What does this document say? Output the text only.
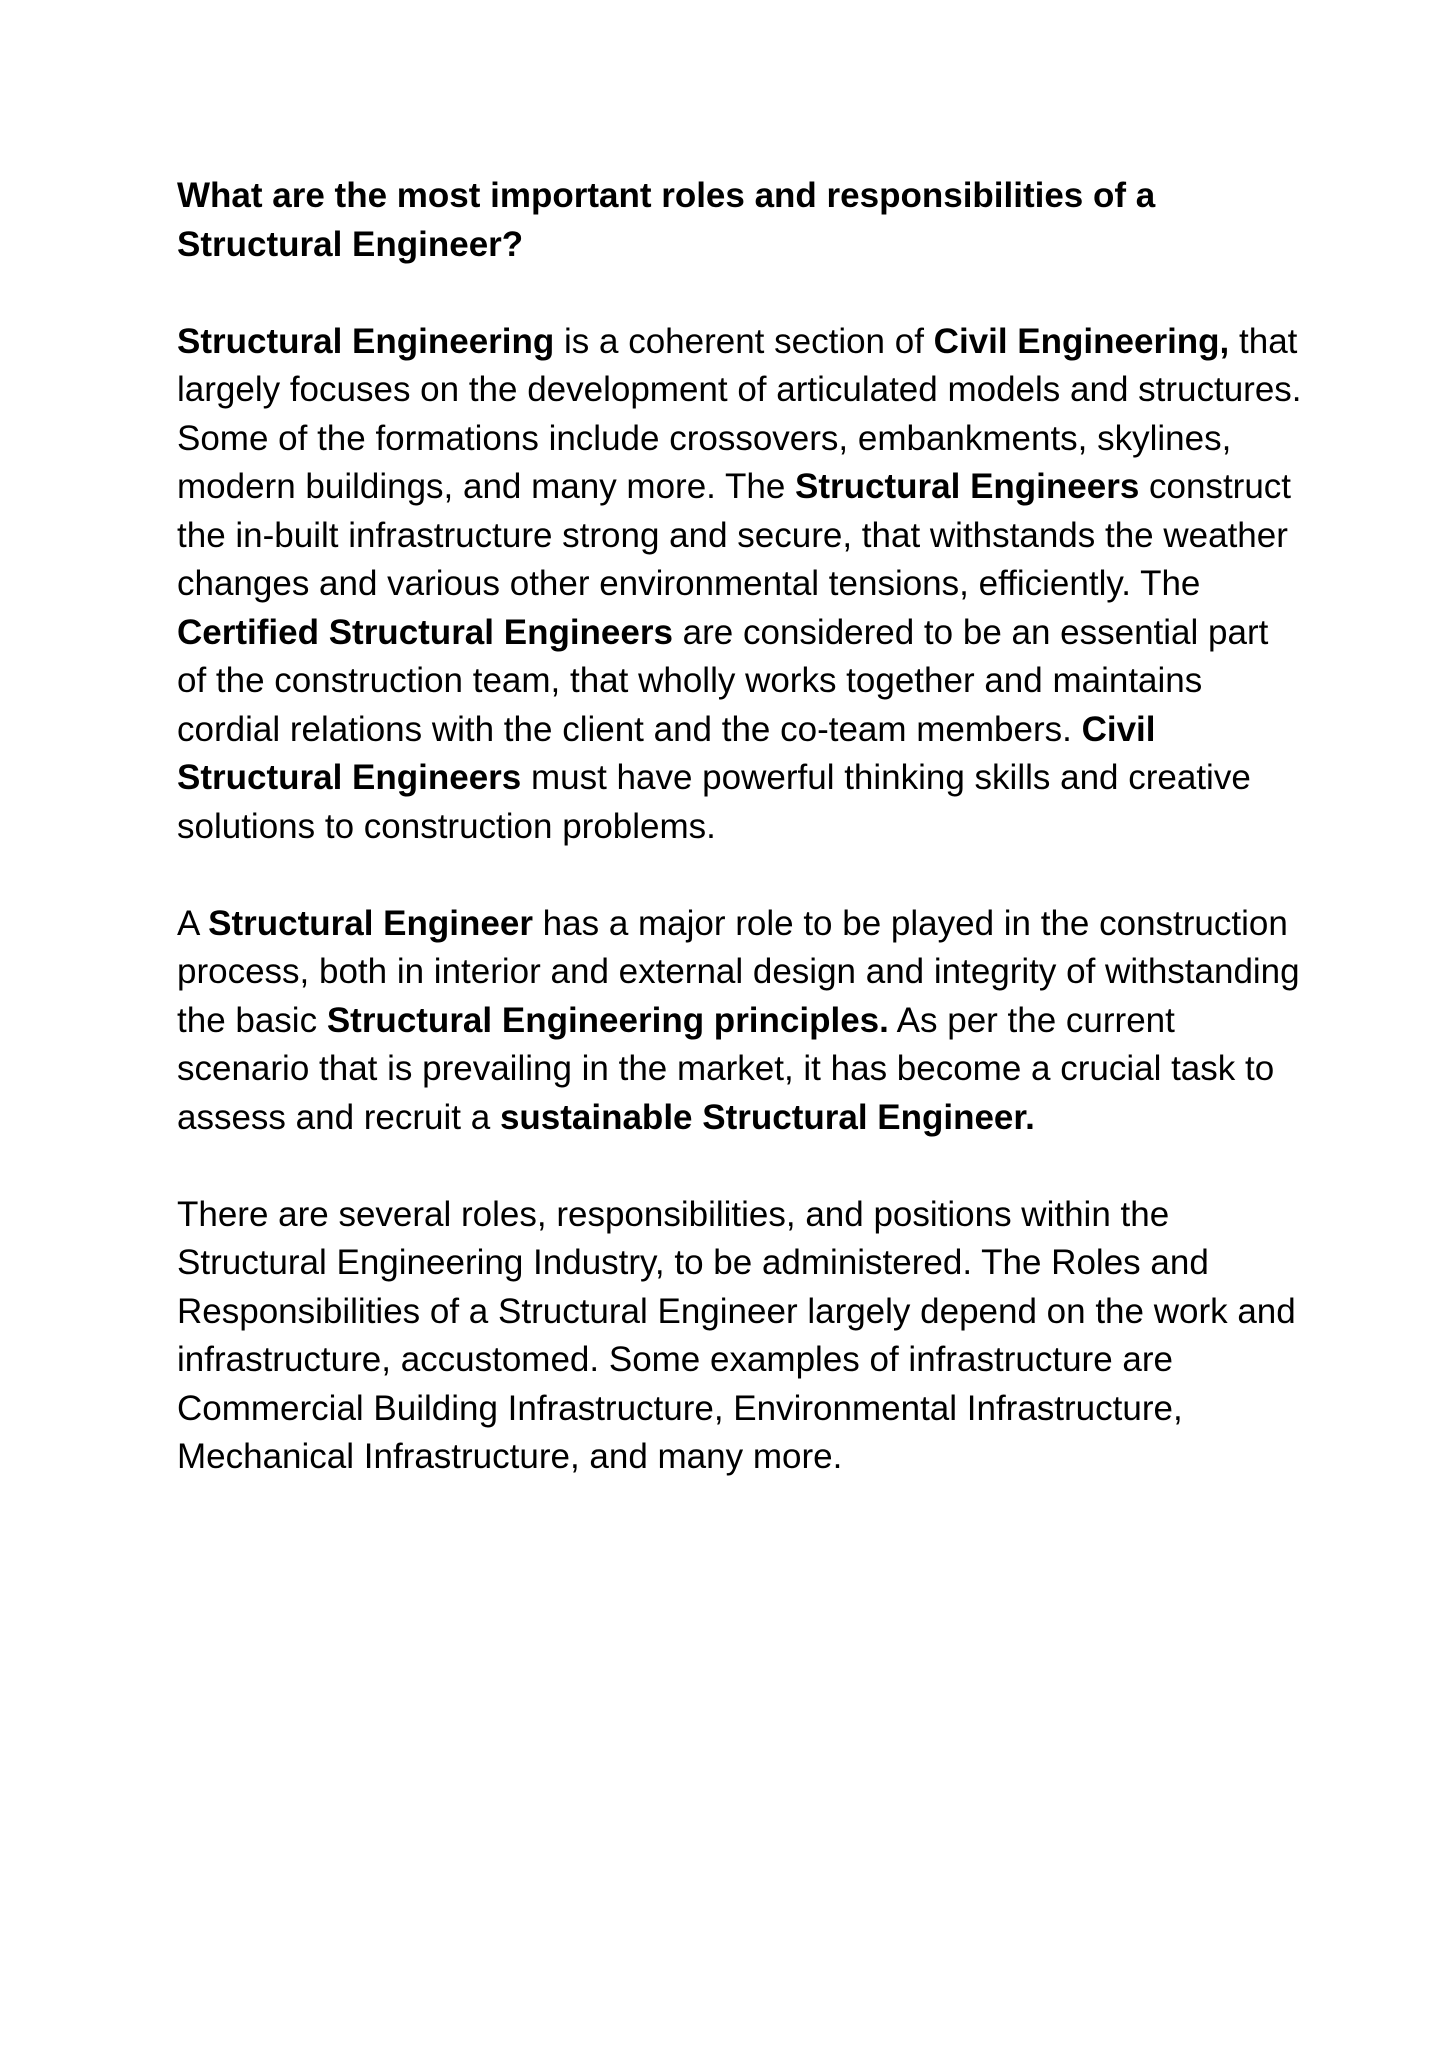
What are the most important roles and responsibilities of a Structural Engineer?

Structural Engineering is a coherent section of Civil Engineering, that largely focuses on the development of articulated models and structures. Some of the formations include crossovers, embankments, skylines, modern buildings, and many more. The Structural Engineers construct the in-built infrastructure strong and secure, that withstands the weather changes and various other environmental tensions, efficiently. The Certified Structural Engineers are considered to be an essential part of the construction team, that wholly works together and maintains cordial relations with the client and the co-team members. Civil Structural Engineers must have powerful thinking skills and creative solutions to construction problems.

A Structural Engineer has a major role to be played in the construction process, both in interior and external design and integrity of withstanding the basic Structural Engineering principles. As per the current scenario that is prevailing in the market, it has become a crucial task to assess and recruit a sustainable Structural Engineer.

There are several roles, responsibilities, and positions within the Structural Engineering Industry, to be administered. The Roles and Responsibilities of a Structural Engineer largely depend on the work and infrastructure, accustomed. Some examples of infrastructure are Commercial Building Infrastructure, Environmental Infrastructure, Mechanical Infrastructure, and many more.
